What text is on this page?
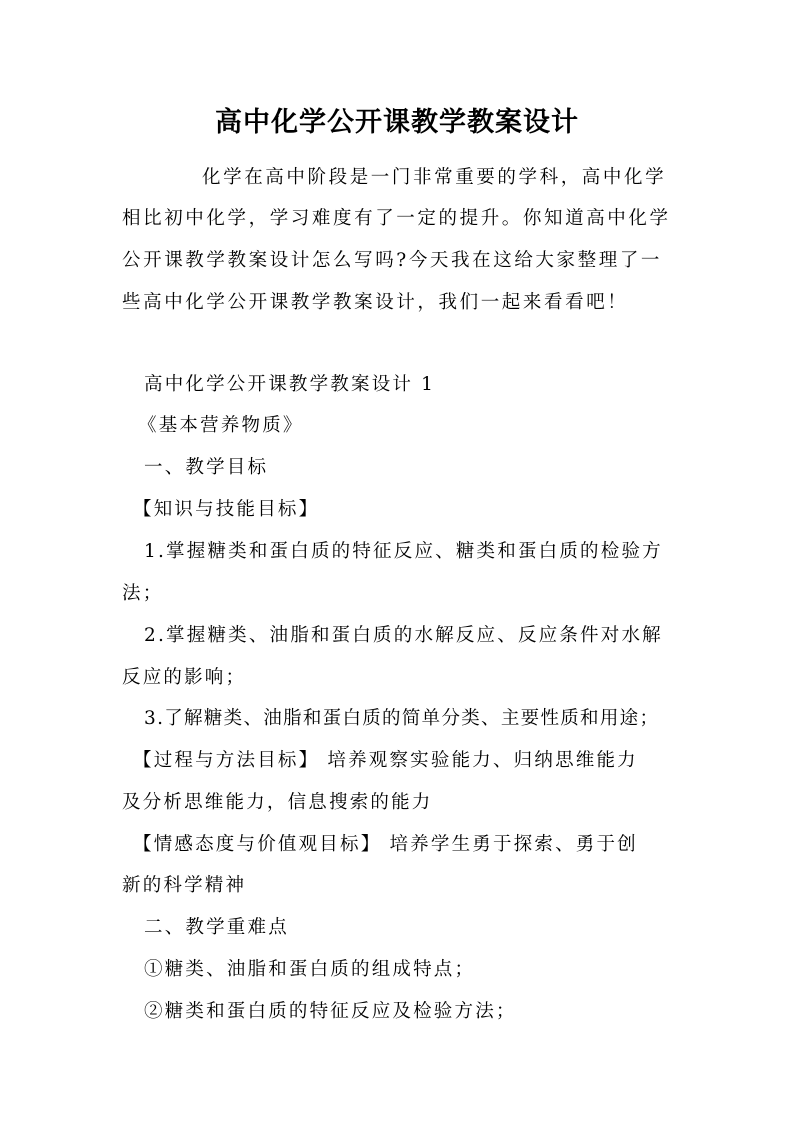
高中化学公开课教学教案设计
化学在高中阶段是一门非常重要的学科，高中化学
相比初中化学，学习难度有了一定的提升。你知道高中化学
公开课教学教案设计怎么写吗?今天我在这给大家整理了一
些高中化学公开课教学教案设计，我们一起来看看吧！
高中化学公开课教学教案设计 1
《基本营养物质》
一、教学目标
【知识与技能目标】
1.掌握糖类和蛋白质的特征反应、糖类和蛋白质的检验方
法；
2.掌握糖类、油脂和蛋白质的水解反应、反应条件对水解
反应的影响；
3.了解糖类、油脂和蛋白质的简单分类、主要性质和用途；
【过程与方法目标】 培养观察实验能力、归纳思维能力
及分析思维能力，信息搜索的能力
【情感态度与价值观目标】 培养学生勇于探索、勇于创
新的科学精神
二、教学重难点
①糖类、油脂和蛋白质的组成特点；
②糖类和蛋白质的特征反应及检验方法；
